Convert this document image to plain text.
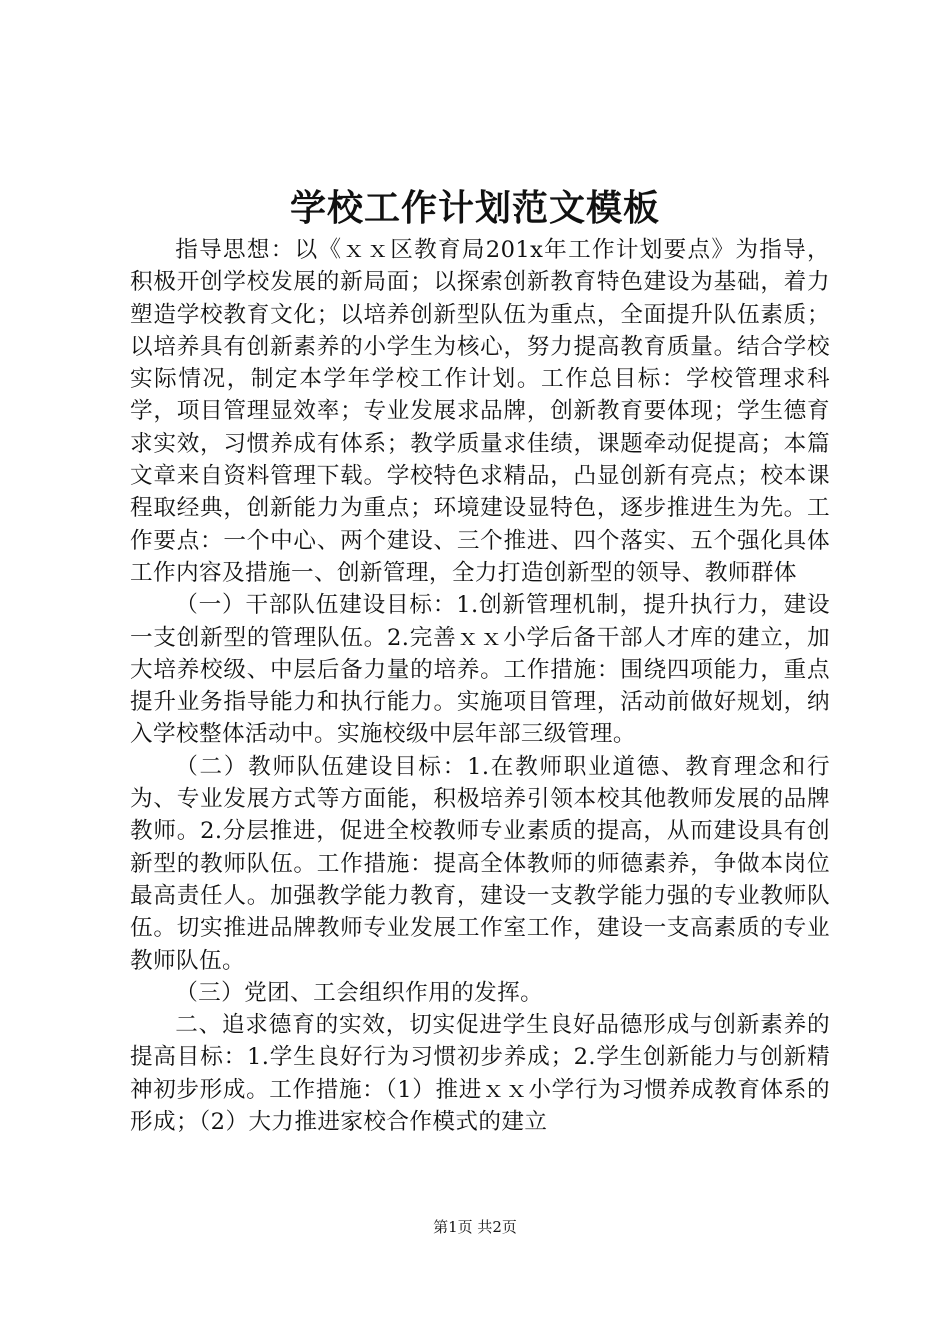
学校工作计划范文模板

指导思想：以《ｘｘ区教育局201x年工作计划要点》为指导，积极开创学校发展的新局面；以探索创新教育特色建设为基础，着力塑造学校教育文化；以培养创新型队伍为重点，全面提升队伍素质；以培养具有创新素养的小学生为核心，努力提高教育质量。结合学校实际情况，制定本学年学校工作计划。工作总目标：学校管理求科学，项目管理显效率；专业发展求品牌，创新教育要体现；学生德育求实效，习惯养成有体系；教学质量求佳绩，课题牵动促提高；本篇文章来自资料管理下载。学校特色求精品，凸显创新有亮点；校本课程取经典，创新能力为重点；环境建设显特色，逐步推进生为先。工作要点：一个中心、两个建设、三个推进、四个落实、五个强化具体工作内容及措施一、创新管理，全力打造创新型的领导、教师群体

（一）干部队伍建设目标：1.创新管理机制，提升执行力，建设一支创新型的管理队伍。2.完善ｘｘ小学后备干部人才库的建立，加大培养校级、中层后备力量的培养。工作措施：围绕四项能力，重点提升业务指导能力和执行能力。实施项目管理，活动前做好规划，纳入学校整体活动中。实施校级中层年部三级管理。

（二）教师队伍建设目标：1.在教师职业道德、教育理念和行为、专业发展方式等方面能，积极培养引领本校其他教师发展的品牌教师。2.分层推进，促进全校教师专业素质的提高，从而建设具有创新型的教师队伍。工作措施：提高全体教师的师德素养，争做本岗位最高责任人。加强教学能力教育，建设一支教学能力强的专业教师队伍。切实推进品牌教师专业发展工作室工作，建设一支高素质的专业教师队伍。

（三）党团、工会组织作用的发挥。

二、追求德育的实效，切实促进学生良好品德形成与创新素养的提高目标：1.学生良好行为习惯初步养成；2.学生创新能力与创新精神初步形成。工作措施：（1）推进ｘｘ小学行为习惯养成教育体系的形成；（2）大力推进家校合作模式的建立

第1页 共2页
